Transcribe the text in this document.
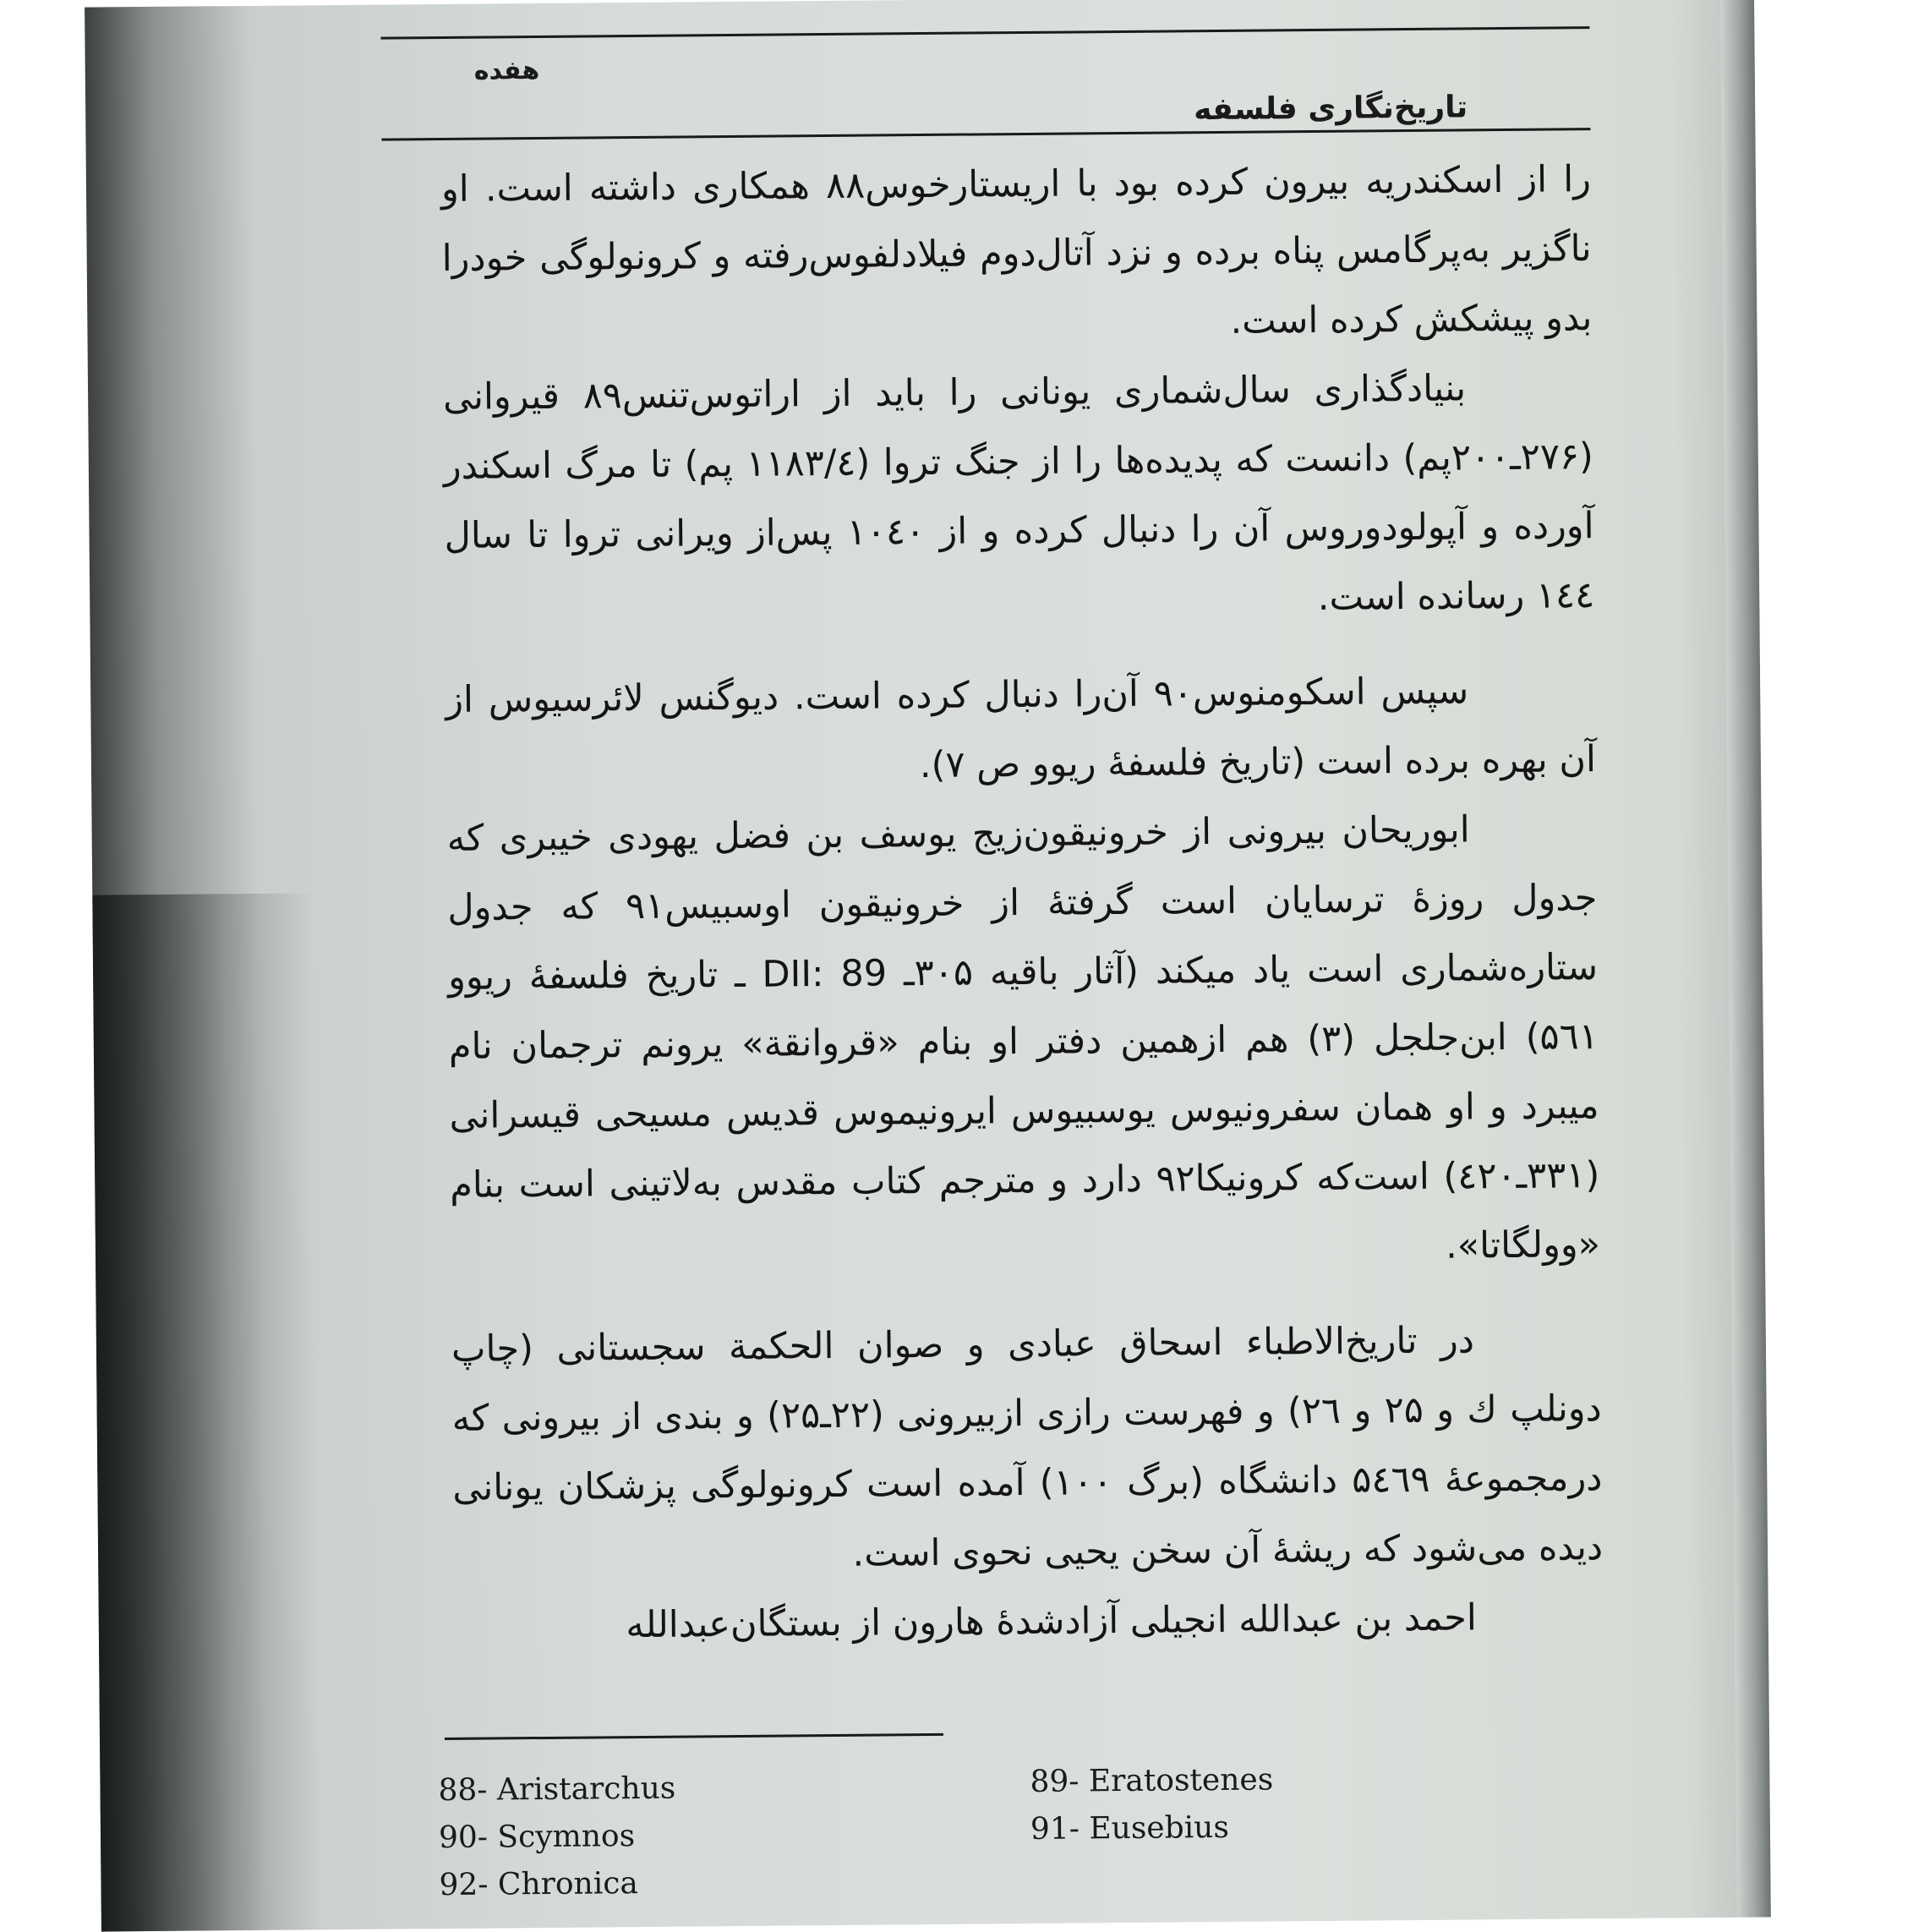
هفده
تاریخ‌نگاری فلسفه

را از اسکندریه بیرون کرده بود با اریستارخوس۸۸ همکاری داشته است. او ناگزیر به‌پرگامس پناه برده و نزد آتال‌دوم فیلادلفوس‌رفته و کرونولوگی خودرا بدو پیشکش کرده است.

بنیادگذاری سال‌شماری یونانی را باید از اراتوس‌تنس۸۹ قیروانی (۲۷۶ـ۲۰۰پم) دانست که پدیده‌ها را از جنگ تروا (۱۱۸۳/٤ پم) تا مرگ اسکندر آورده و آپولودوروس آن را دنبال کرده و از ۱۰٤۰ پس‌از ویرانی تروا تا سال ۱٤٤ رسانده است.

سپس اسکومنوس۹۰ آن‌را دنبال کرده است. دیوگنس لائرسیوس از آن بهره برده است (تاریخ فلسفهٔ ریوو ص ۷).

ابوریحان بیرونی از خرونیقون‌زیج یوسف بن فضل یهودی خیبری که جدول روزهٔ ترسایان است گرفتهٔ از خرونیقون اوسبیس۹۱ که جدول ستاره‌شماری است یاد میکند (آثار باقیه ۳۰۵ـ DII: 89 ـ تاریخ فلسفهٔ ریوو ۵٦۱) ابن‌جلجل (۳) هم ازهمین دفتر او بنام «قروانقة» یرونم ترجمان نام میبرد و او همان سفرونیوس یوسبیوس ایرونیموس قدیس مسیحی قیسرانی (۳۳۱ـ٤۲۰) است‌که کرونیکا۹۲ دارد و مترجم کتاب مقدس به‌لاتینی است بنام «وولگاتا».

در تاریخ‌الاطباء اسحاق عبادی و صوان الحکمة سجستانی (چاپ دونلپ ك و ۲۵ و ۲٦) و فهرست رازی ازبیرونی (۲۲ـ۲۵) و بندی از بیرونی که درمجموعهٔ ۵٤٦۹ دانشگاه (برگ ۱۰۰) آمده است کرونولوگی پزشکان یونانی دیده می‌شود که ریشهٔ آن سخن یحیی نحوی است.

احمد بن عبدالله انجیلی آزادشدهٔ هارون از بستگان‌عبدالله

88- Aristarchus	89- Eratostenes
90- Scymnos	91- Eusebius
92- Chronica
